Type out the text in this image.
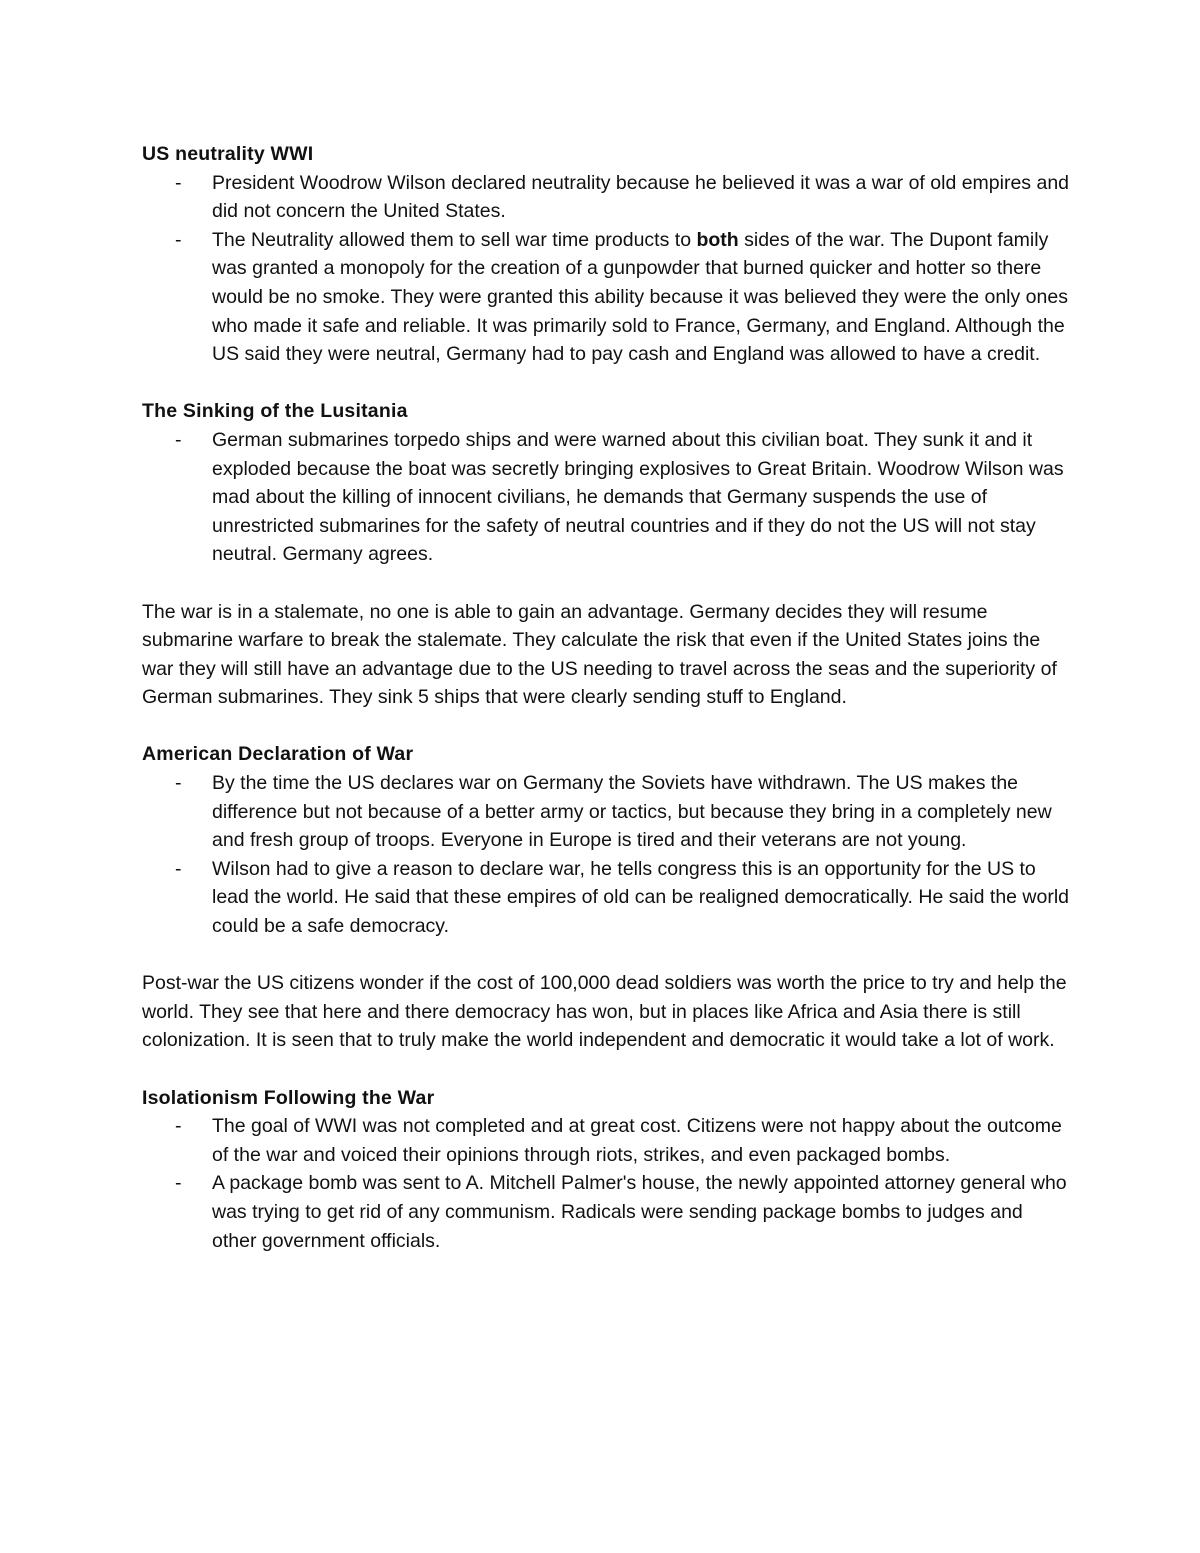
US neutrality WWI

- President Woodrow Wilson declared neutrality because he believed it was a war of old empires and did not concern the United States.
- The Neutrality allowed them to sell war time products to both sides of the war. The Dupont family was granted a monopoly for the creation of a gunpowder that burned quicker and hotter so there would be no smoke. They were granted this ability because it was believed they were the only ones who made it safe and reliable. It was primarily sold to France, Germany, and England. Although the US said they were neutral, Germany had to pay cash and England was allowed to have a credit.

The Sinking of the Lusitania

- German submarines torpedo ships and were warned about this civilian boat. They sunk it and it exploded because the boat was secretly bringing explosives to Great Britain. Woodrow Wilson was mad about the killing of innocent civilians, he demands that Germany suspends the use of unrestricted submarines for the safety of neutral countries and if they do not the US will not stay neutral. Germany agrees.

The war is in a stalemate, no one is able to gain an advantage. Germany decides they will resume submarine warfare to break the stalemate. They calculate the risk that even if the United States joins the war they will still have an advantage due to the US needing to travel across the seas and the superiority of German submarines. They sink 5 ships that were clearly sending stuff to England.

American Declaration of War

- By the time the US declares war on Germany the Soviets have withdrawn. The US makes the difference but not because of a better army or tactics, but because they bring in a completely new and fresh group of troops. Everyone in Europe is tired and their veterans are not young.
- Wilson had to give a reason to declare war, he tells congress this is an opportunity for the US to lead the world. He said that these empires of old can be realigned democratically. He said the world could be a safe democracy.

Post-war the US citizens wonder if the cost of 100,000 dead soldiers was worth the price to try and help the world. They see that here and there democracy has won, but in places like Africa and Asia there is still colonization. It is seen that to truly make the world independent and democratic it would take a lot of work.

Isolationism Following the War

- The goal of WWI was not completed and at great cost. Citizens were not happy about the outcome of the war and voiced their opinions through riots, strikes, and even packaged bombs.
- A package bomb was sent to A. Mitchell Palmer's house, the newly appointed attorney general who was trying to get rid of any communism. Radicals were sending package bombs to judges and other government officials.
